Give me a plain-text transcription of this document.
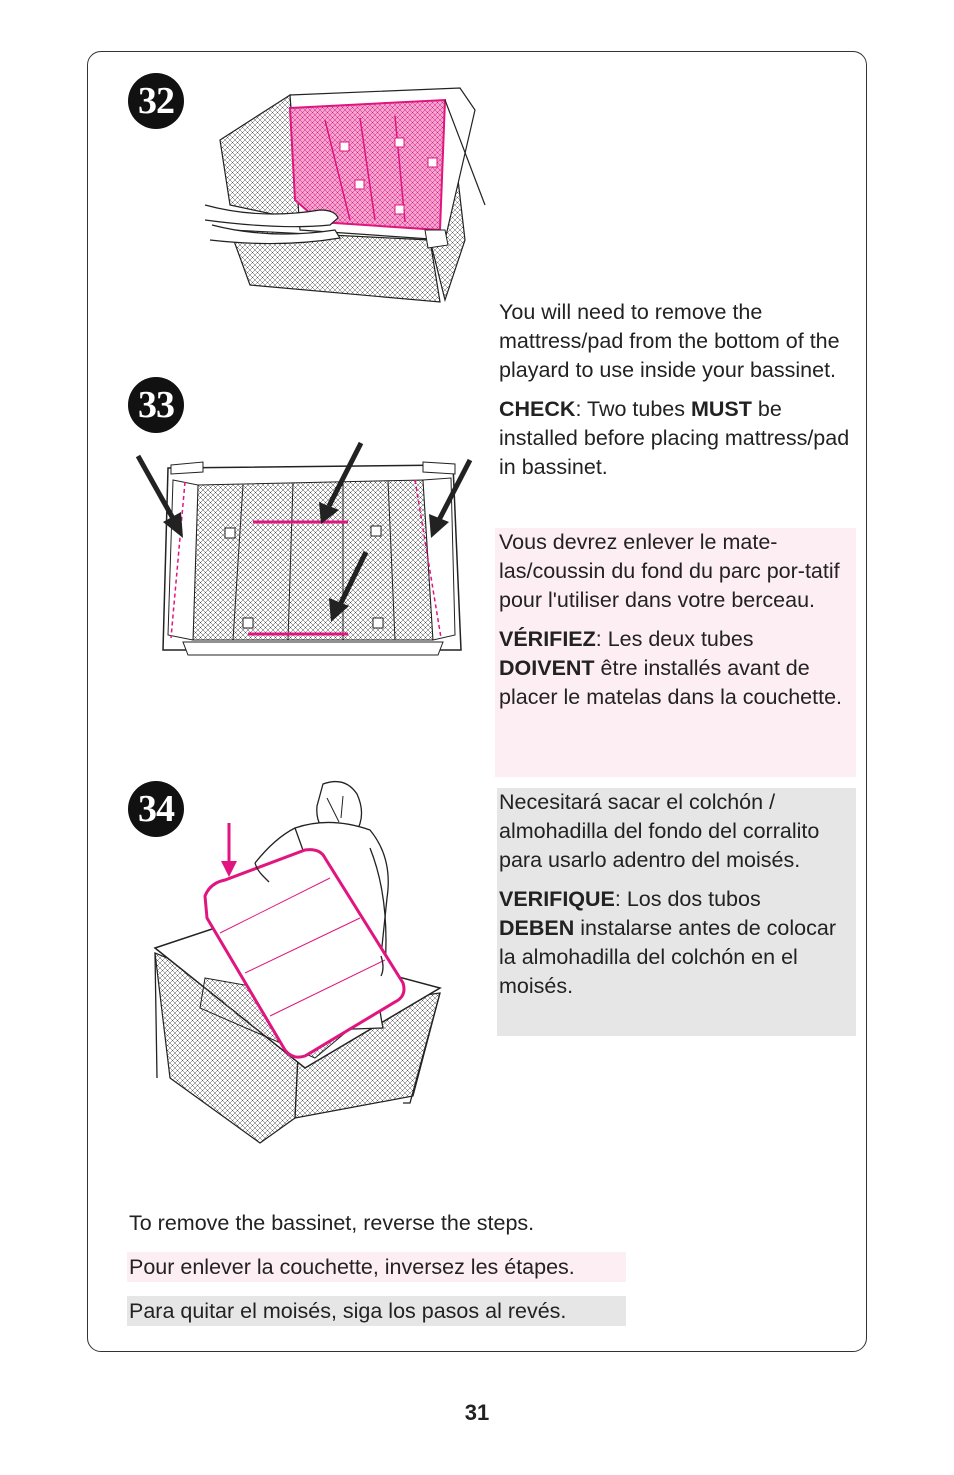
32
33
34

You will need to remove the mattress/pad from the bottom of the playard to use inside your bassinet.

CHECK: Two tubes MUST be installed before placing mattress/pad in bassinet.

Vous devrez enlever le mate-las/coussin du fond du parc por-tatif pour l'utiliser dans votre berceau.

VÉRIFIEZ: Les deux tubes
DOIVENT être installés avant de placer le matelas dans la couchette.

Necesitará sacar el colchón / almohadilla del fondo del corralito para usarlo adentro del moisés.

VERIFIQUE: Los dos tubos
DEBEN instalarse antes de colocar la almohadilla del colchón en el moisés.

To remove the bassinet, reverse the steps.
Pour enlever la couchette, inversez les étapes.
Para quitar el moisés, siga los pasos al revés.
31
